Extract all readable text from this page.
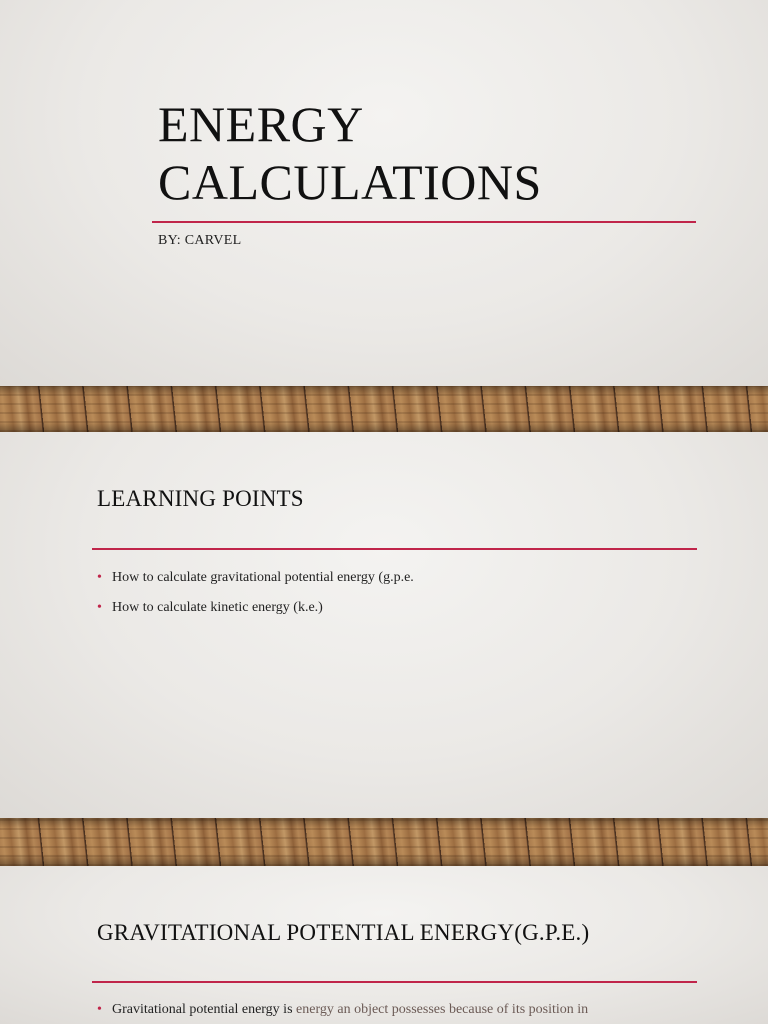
ENERGY
CALCULATIONS

BY: CARVEL

LEARNING POINTS
• How to calculate gravitational potential energy (g.p.e.
• How to calculate kinetic energy (k.e.)
GRAVITATIONAL POTENTIAL ENERGY(G.P.E.)
• Gravitational potential energy is energy an object possesses because of its position in
